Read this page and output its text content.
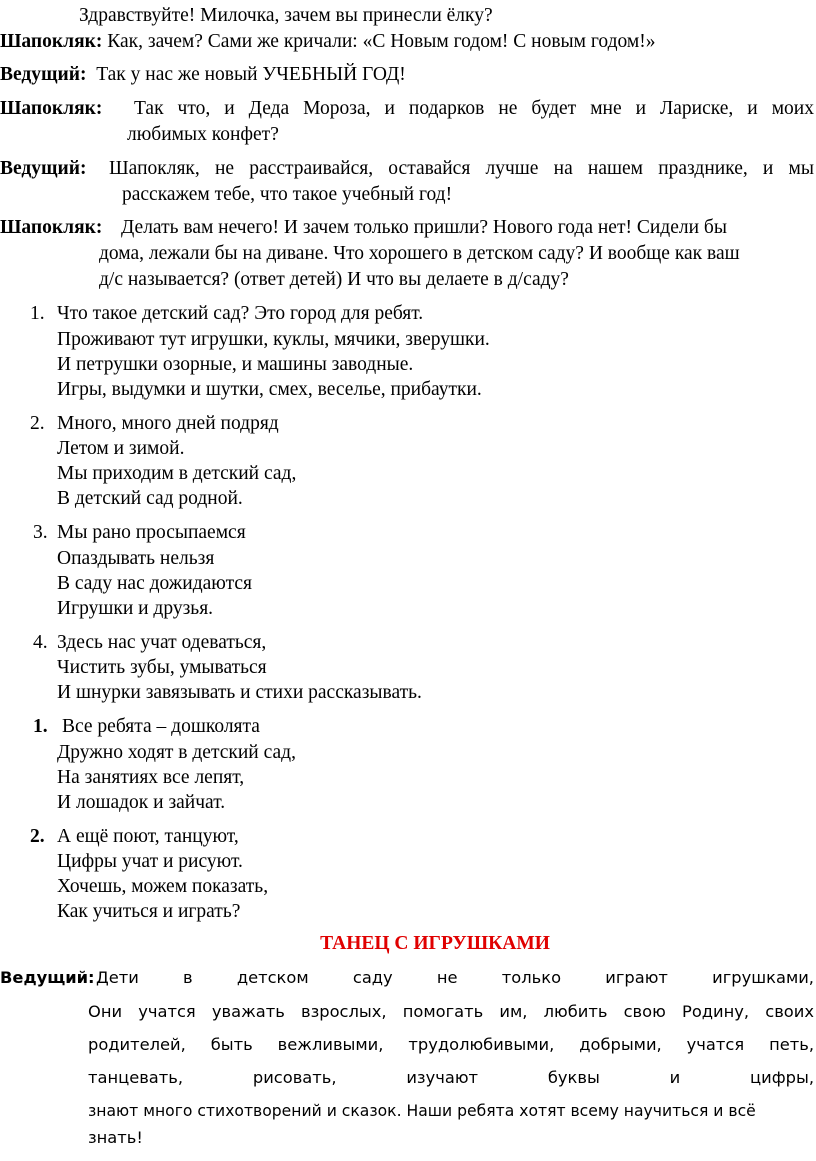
Здравствуйте! Милочка, зачем вы принесли ёлку?
Шапокляк: Как, зачем? Сами же кричали: «С Новым годом! С новым годом!»
Ведущий: Так у нас же новый УЧЕБНЫЙ ГОД!
Шапокляк: Так что, и Деда Мороза, и подарков не будет мне и Лариске, и моих
любимых конфет?
Ведущий: Шапокляк, не расстраивайся, оставайся лучше на нашем празднике, и мы
расскажем тебе, что такое учебный год!
Шапокляк: Делать вам нечего! И зачем только пришли? Нового года нет! Сидели бы
дома, лежали бы на диване. Что хорошего в детском саду? И вообще как ваш
д/с называется? (ответ детей) И что вы делаете в д/саду?
1. Что такое детский сад? Это город для ребят.
Проживают тут игрушки, куклы, мячики, зверушки.
И петрушки озорные, и машины заводные.
Игры, выдумки и шутки, смех, веселье, прибаутки.
2. Много, много дней подряд
Летом и зимой.
Мы приходим в детский сад,
В детский сад родной.
3. Мы рано просыпаемся
Опаздывать нельзя
В саду нас дожидаются
Игрушки и друзья.
4. Здесь нас учат одеваться,
Чистить зубы, умываться
И шнурки завязывать и стихи рассказывать.
1. Все ребята – дошколята
Дружно ходят в детский сад,
На занятиях все лепят,
И лошадок и зайчат.
2. А ещё поют, танцуют,
Цифры учат и рисуют.
Хочешь, можем показать,
Как учиться и играть?
ТАНЕЦ С ИГРУШКАМИ
Ведущий: Дети в детском саду не только играют игрушками,
Они учатся уважать взрослых, помогать им, любить свою Родину, своих
родителей, быть вежливыми, трудолюбивыми, добрыми, учатся петь,
танцевать, рисовать, изучают буквы и цифры,
знают много стихотворений и сказок. Наши ребята хотят всему научиться и всё
знать!
